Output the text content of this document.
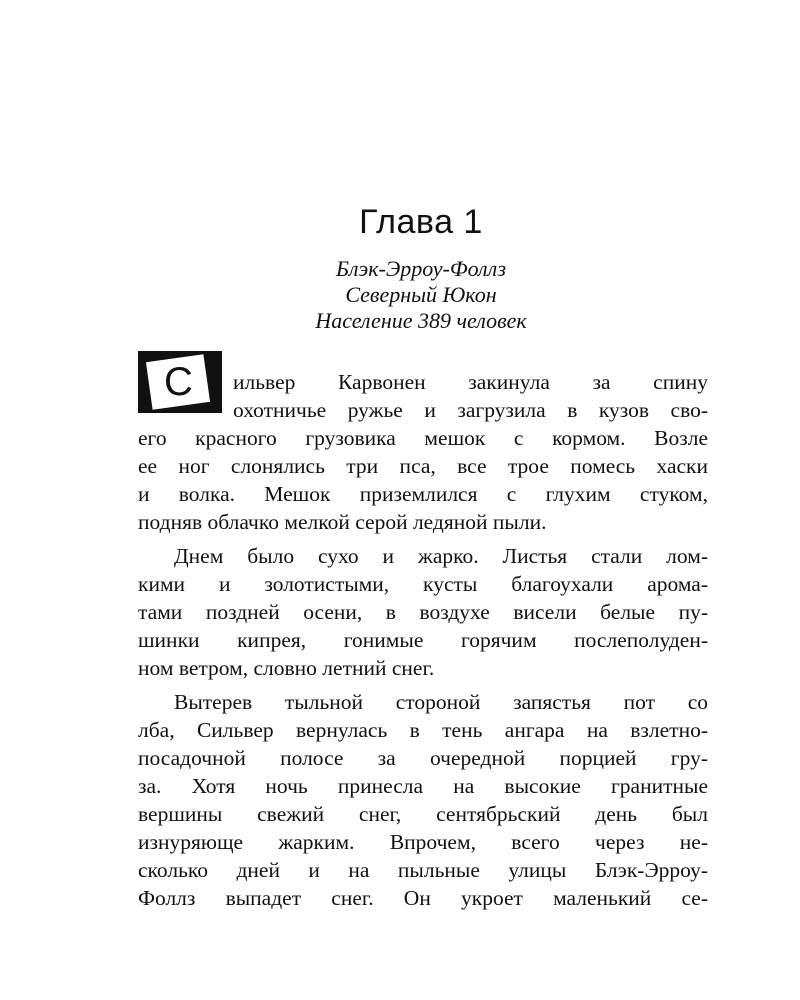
Глава 1
Блэк-Эрроу-Фоллз
Северный Юкон
Население 389 человек
С ильвер Карвонен закинула за спину
охотничье ружье и загрузила в кузов сво-
его красного грузовика мешок с кормом. Возле
ее ног слонялись три пса, все трое помесь хаски
и волка. Мешок приземлился с глухим стуком,
подняв облачко мелкой серой ледяной пыли.
Днем было сухо и жарко. Листья стали лом-
кими и золотистыми, кусты благоухали арома-
тами поздней осени, в воздухе висели белые пу-
шинки кипрея, гонимые горячим послеполуден-
ном ветром, словно летний снег.
Вытерев тыльной стороной запястья пот со
лба, Сильвер вернулась в тень ангара на взлетно-
посадочной полосе за очередной порцией гру-
за. Хотя ночь принесла на высокие гранитные
вершины свежий снег, сентябрьский день был
изнуряюще жарким. Впрочем, всего через не-
сколько дней и на пыльные улицы Блэк-Эрроу-
Фоллз выпадет снег. Он укроет маленький се-
